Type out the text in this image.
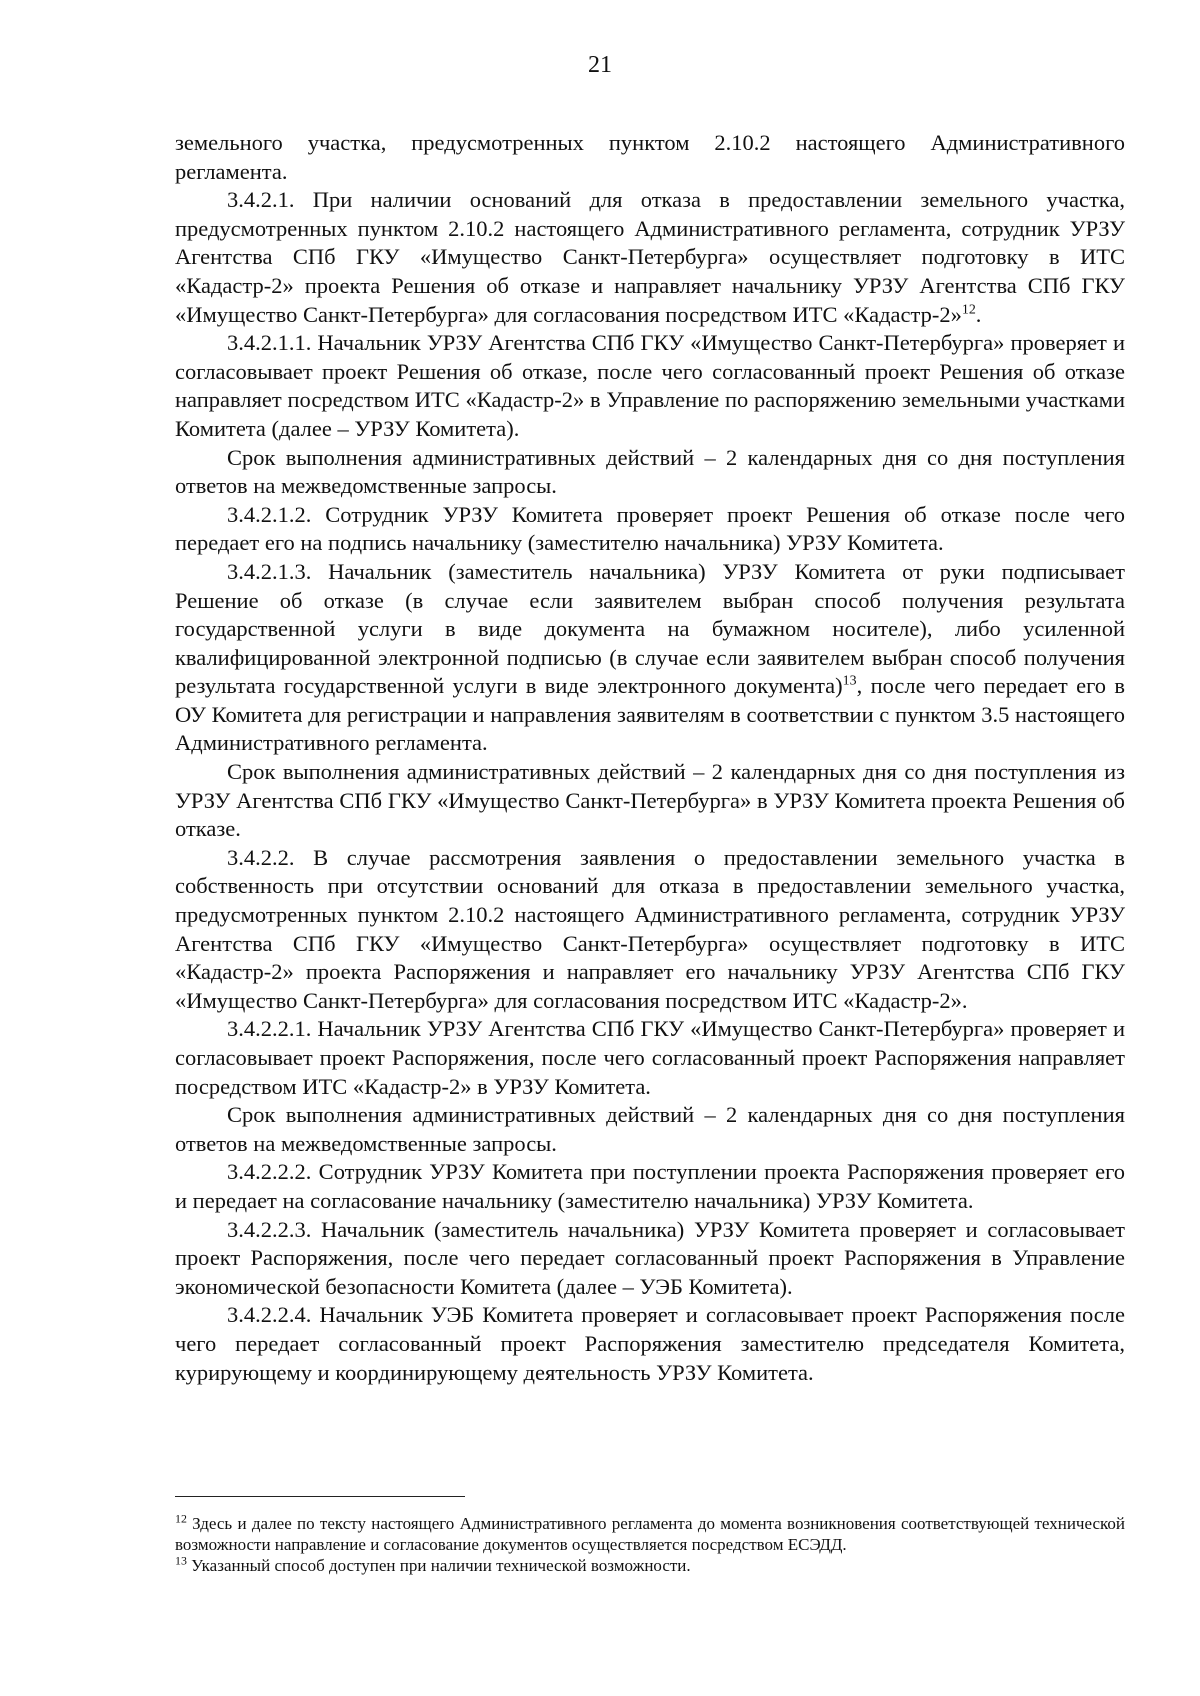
21

земельного участка, предусмотренных пунктом 2.10.2 настоящего Административного регламента.

3.4.2.1. При наличии оснований для отказа в предоставлении земельного участка, предусмотренных пунктом 2.10.2 настоящего Административного регламента, сотрудник УРЗУ Агентства СПб ГКУ «Имущество Санкт-Петербурга» осуществляет подготовку в ИТС «Кадастр-2» проекта Решения об отказе и направляет начальнику УРЗУ Агентства СПб ГКУ «Имущество Санкт-Петербурга» для согласования посредством ИТС «Кадастр-2»$^{12}$.

3.4.2.1.1. Начальник УРЗУ Агентства СПб ГКУ «Имущество Санкт-Петербурга» проверяет и согласовывает проект Решения об отказе, после чего согласованный проект Решения об отказе направляет посредством ИТС «Кадастр-2» в Управление по распоряжению земельными участками Комитета (далее – УРЗУ Комитета).

Срок выполнения административных действий – 2 календарных дня со дня поступления ответов на межведомственные запросы.

3.4.2.1.2. Сотрудник УРЗУ Комитета проверяет проект Решения об отказе после чего передает его на подпись начальнику (заместителю начальника) УРЗУ Комитета.

3.4.2.1.3. Начальник (заместитель начальника) УРЗУ Комитета от руки подписывает Решение об отказе (в случае если заявителем выбран способ получения результата государственной услуги в виде документа на бумажном носителе), либо усиленной квалифицированной электронной подписью (в случае если заявителем выбран способ получения результата государственной услуги в виде электронного документа)$^{13}$, после чего передает его в ОУ Комитета для регистрации и направления заявителям в соответствии с пунктом 3.5 настоящего Административного регламента.

Срок выполнения административных действий – 2 календарных дня со дня поступления из УРЗУ Агентства СПб ГКУ «Имущество Санкт-Петербурга» в УРЗУ Комитета проекта Решения об отказе.

3.4.2.2. В случае рассмотрения заявления о предоставлении земельного участка в собственность при отсутствии оснований для отказа в предоставлении земельного участка, предусмотренных пунктом 2.10.2 настоящего Административного регламента, сотрудник УРЗУ Агентства СПб ГКУ «Имущество Санкт-Петербурга» осуществляет подготовку в ИТС «Кадастр-2» проекта Распоряжения и направляет его начальнику УРЗУ Агентства СПб ГКУ «Имущество Санкт-Петербурга» для согласования посредством ИТС «Кадастр-2».

3.4.2.2.1. Начальник УРЗУ Агентства СПб ГКУ «Имущество Санкт-Петербурга» проверяет и согласовывает проект Распоряжения, после чего согласованный проект Распоряжения направляет посредством ИТС «Кадастр-2» в УРЗУ Комитета.

Срок выполнения административных действий – 2 календарных дня со дня поступления ответов на межведомственные запросы.

3.4.2.2.2. Сотрудник УРЗУ Комитета при поступлении проекта Распоряжения проверяет его и передает на согласование начальнику (заместителю начальника) УРЗУ Комитета.

3.4.2.2.3. Начальник (заместитель начальника) УРЗУ Комитета проверяет и согласовывает проект Распоряжения, после чего передает согласованный проект Распоряжения в Управление экономической безопасности Комитета (далее – УЭБ Комитета).

3.4.2.2.4. Начальник УЭБ Комитета проверяет и согласовывает проект Распоряжения после чего передает согласованный проект Распоряжения заместителю председателя Комитета, курирующему и координирующему деятельность УРЗУ Комитета.

$^{12}$ Здесь и далее по тексту настоящего Административного регламента до момента возникновения соответствующей технической возможности направление и согласование документов осуществляется посредством ЕСЭДД.

$^{13}$ Указанный способ доступен при наличии технической возможности.
